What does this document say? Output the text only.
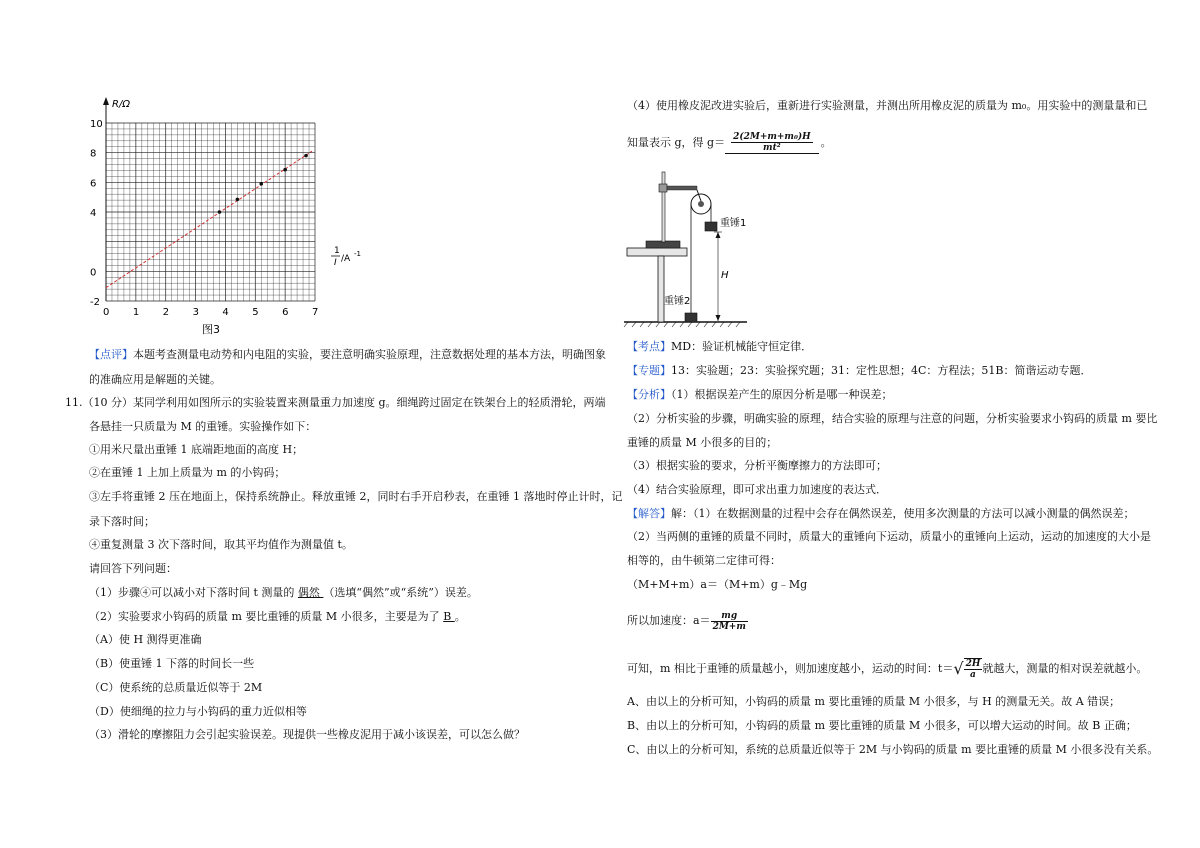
R/Ω
0 1 2 3 4 5 6 7
-2
0
4
6
8
10
1
I /A -1
图3
【点评】本题考查测量电动势和内电阻的实验，要注意明确实验原理，注意数据处理的基本方法，明确图象
的准确应用是解题的关键。
11.（10 分）某同学利用如图所示的实验装置来测量重力加速度 g。细绳跨过固定在铁架台上的轻质滑轮，两端
各悬挂一只质量为 M 的重锤。实验操作如下：
①用米尺量出重锤 1 底端距地面的高度 H；
②在重锤 1 上加上质量为 m 的小钩码；
③左手将重锤 2 压在地面上，保持系统静止。释放重锤 2，同时右手开启秒表，在重锤 1 落地时停止计时，记
录下落时间；
④重复测量 3 次下落时间，取其平均值作为测量值 t。
请回答下列问题：
（1）步骤④可以减小对下落时间 t 测量的 偶然 （选填“偶然”或“系统”）误差。
（2）实验要求小钩码的质量 m 要比重锤的质量 M 小很多，主要是为了 B 。
（A）使 H 测得更准确
（B）使重锤 1 下落的时间长一些
（C）使系统的总质量近似等于 2M
（D）使细绳的拉力与小钩码的重力近似相等
（3）滑轮的摩擦阻力会引起实验误差。现提供一些橡皮泥用于减小该误差，可以怎么做？
（4）使用橡皮泥改进实验后，重新进行实验测量，并测出所用橡皮泥的质量为 m₀。用实验中的测量量和已
知量表示 g，得 $g= \frac{\text{2(2M+m+m₀)H}}{\text{mt²}}$ 。
重锤1
H
重锤2
【考点】MD：验证机械能守恒定律．
【专题】13：实验题；23：实验探究题；31：定性思想；4C：方程法；51B：简谐运动专题．
【分析】（1）根据误差产生的原因分析是哪一种误差；
（2）分析实验的步骤，明确实验的原理，结合实验的原理与注意的问题，分析实验要求小钩码的质量 m 要比
重锤的质量 M 小很多的目的；
（3）根据实验的要求，分析平衡摩擦力的方法即可；
（4）结合实验原理，即可求出重力加速度的表达式．
【解答】解：（1）在数据测量的过程中会存在偶然误差，使用多次测量的方法可以减小测量的偶然误差；
（2）当两侧的重锤的质量不同时，质量大的重锤向下运动，质量小的重锤向上运动，运动的加速度的大小是
相等的，由牛顿第二定律可得：
（M+M+m）a＝（M+m）g﹣Mg
所以加速度：$a= \frac{mg}{2M+m}$
可知，m 相比于重锤的质量越小，则加速度越小，运动的时间：$t=√ \frac{2H}{a}$ 就越大，测量的相对误差就越小。
A、由以上的分析可知，小钩码的质量 m 要比重锤的质量 M 小很多，与 H 的测量无关。故 A 错误；
B、由以上的分析可知，小钩码的质量 m 要比重锤的质量 M 小很多，可以增大运动的时间。故 B 正确；
C、由以上的分析可知，系统的总质量近似等于 2M 与小钩码的质量 m 要比重锤的质量 M 小很多没有关系。
